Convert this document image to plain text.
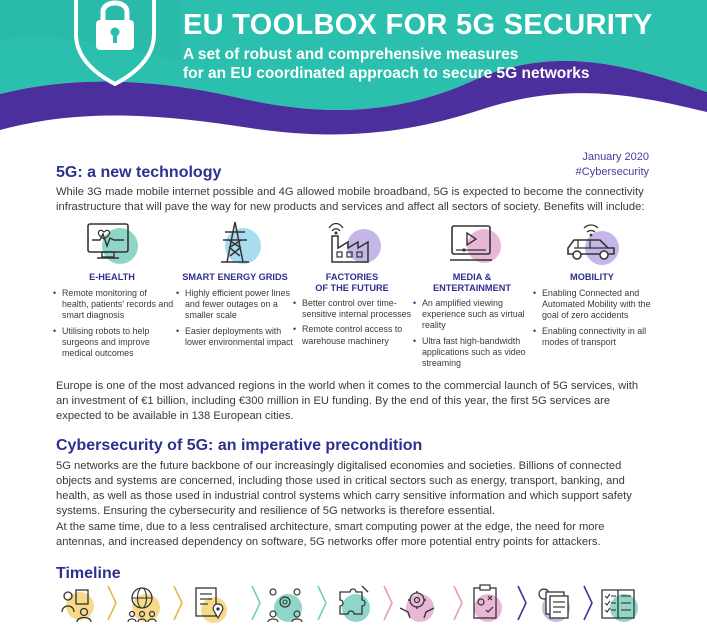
EU TOOLBOX FOR 5G SECURITY
A set of robust and comprehensive measures
for an EU coordinated approach to secure 5G networks
January 2020
#Cybersecurity
5G: a new technology
While 3G made mobile internet possible and 4G allowed mobile broadband, 5G is expected to become the connectivity infrastructure that will pave the way for new products and services and affect all sectors of society. Benefits will include:
E-HEALTH
• Remote monitoring of health, patients' records and smart diagnosis
• Utilising robots to help surgeons and improve medical outcomes
SMART ENERGY GRIDS
• Highly efficient power lines and fewer outages on a smaller scale
• Easier deployments with lower environmental impact
FACTORIES
OF THE FUTURE
• Better control over time-sensitive internal processes
• Remote control access to warehouse machinery
MEDIA &
ENTERTAINMENT
• An amplified viewing experience such as virtual reality
• Ultra fast high-bandwidth applications such as video streaming
MOBILITY
• Enabling Connected and Automated Mobility with the goal of zero accidents
• Enabling connectivity in all modes of transport
Europe is one of the most advanced regions in the world when it comes to the commercial launch of 5G services, with an investment of €1 billion, including €300 million in EU funding. By the end of this year, the first 5G services are expected to be available in 138 European cities.
Cybersecurity of 5G: an imperative precondition
5G networks are the future backbone of our increasingly digitalised economies and societies. Billions of connected objects and systems are concerned, including those used in critical sectors such as energy, transport, banking, and health, as well as those used in industrial control systems which carry sensitive information and which support safety systems. Ensuring the cybersecurity and resilience of 5G networks is therefore essential.
At the same time, due to a less centralised architecture, smart computing power at the edge, the need for more antennas, and increased dependency on software, 5G networks offer more potential entry points for attackers.
Timeline
